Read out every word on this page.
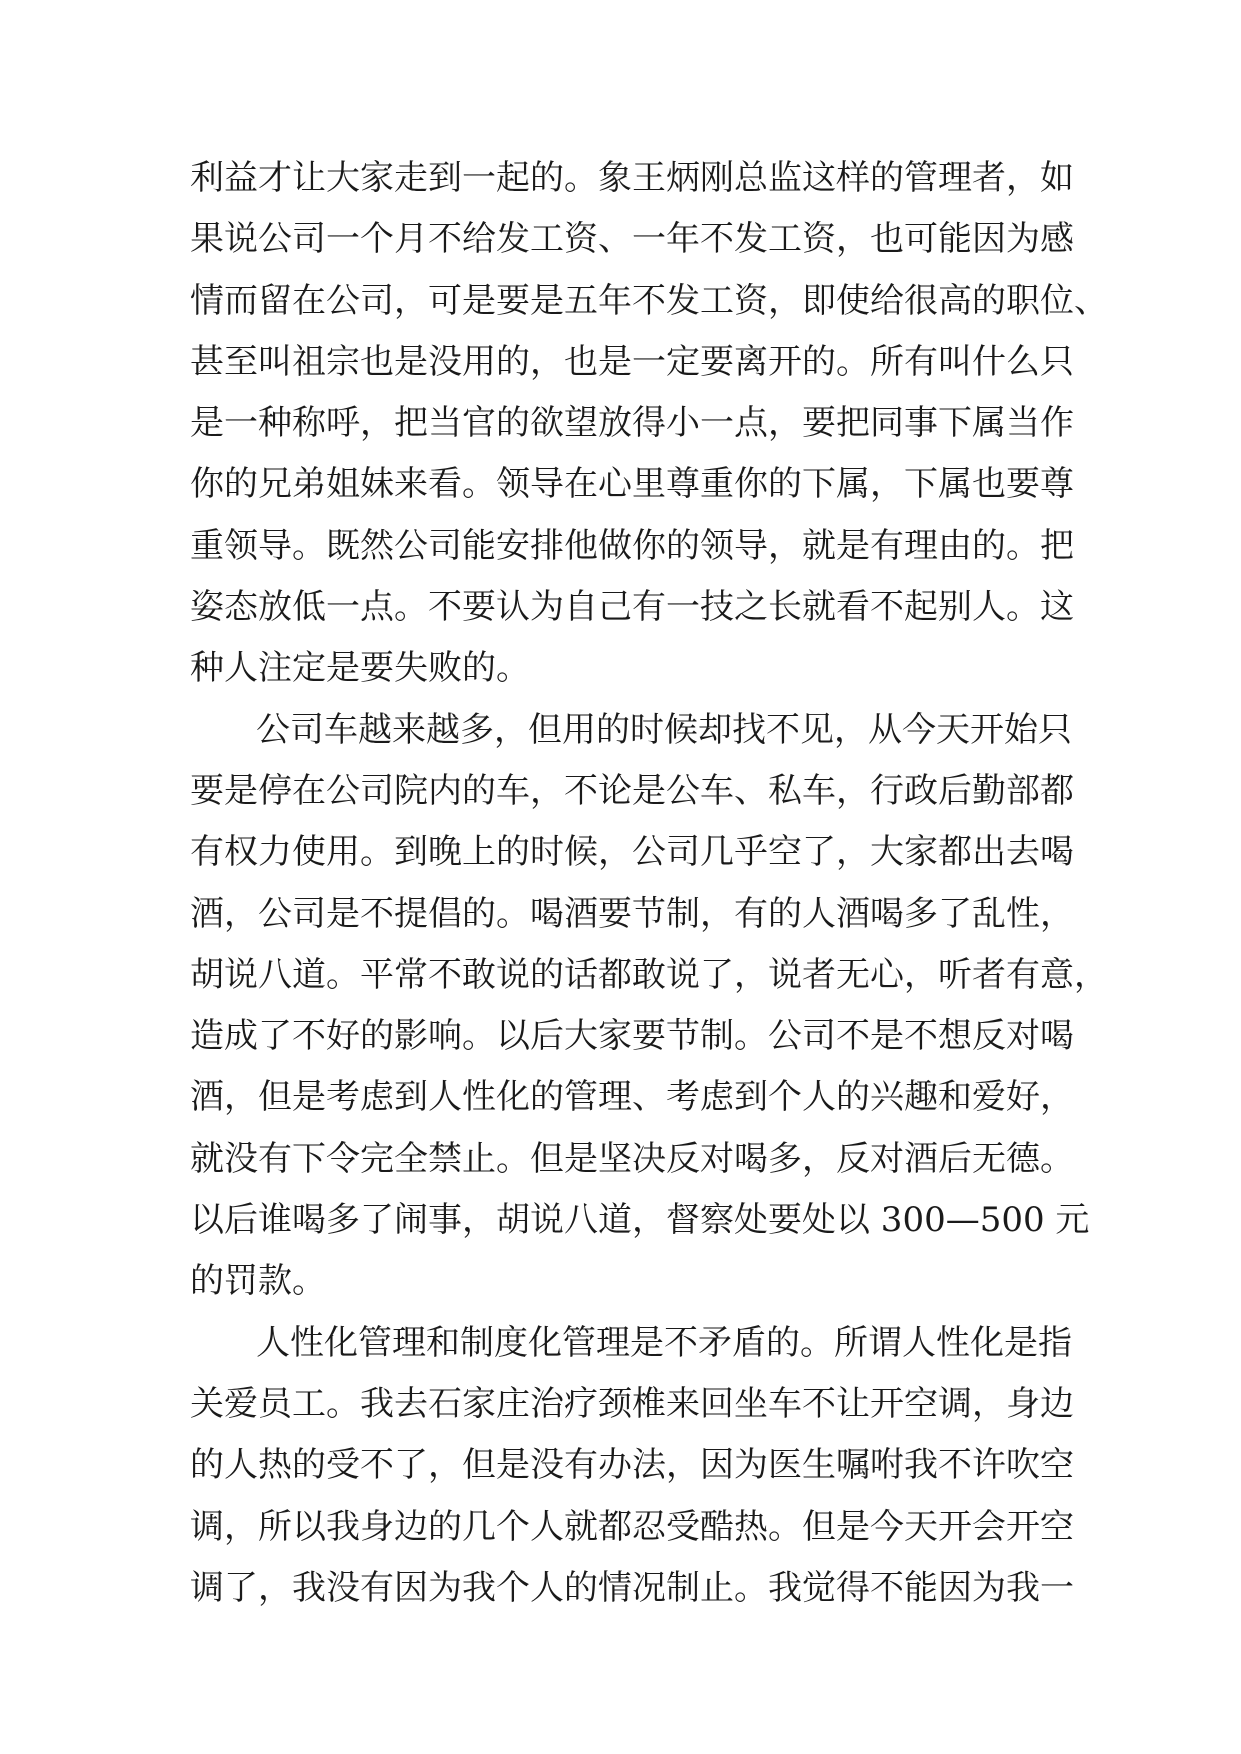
利益才让大家走到一起的。象王炳刚总监这样的管理者，如
果说公司一个月不给发工资、一年不发工资，也可能因为感
情而留在公司，可是要是五年不发工资，即使给很高的职位、
甚至叫祖宗也是没用的，也是一定要离开的。所有叫什么只
是一种称呼，把当官的欲望放得小一点，要把同事下属当作
你的兄弟姐妹来看。领导在心里尊重你的下属，下属也要尊
重领导。既然公司能安排他做你的领导，就是有理由的。把
姿态放低一点。不要认为自己有一技之长就看不起别人。这
种人注定是要失败的。
公司车越来越多，但用的时候却找不见，从今天开始只
要是停在公司院内的车，不论是公车、私车，行政后勤部都
有权力使用。到晚上的时候，公司几乎空了，大家都出去喝
酒，公司是不提倡的。喝酒要节制，有的人酒喝多了乱性，
胡说八道。平常不敢说的话都敢说了，说者无心，听者有意，
造成了不好的影响。以后大家要节制。公司不是不想反对喝
酒，但是考虑到人性化的管理、考虑到个人的兴趣和爱好，
就没有下令完全禁止。但是坚决反对喝多，反对酒后无德。
以后谁喝多了闹事，胡说八道，督察处要处以 300—500 元
的罚款。
人性化管理和制度化管理是不矛盾的。所谓人性化是指
关爱员工。我去石家庄治疗颈椎来回坐车不让开空调，身边
的人热的受不了，但是没有办法，因为医生嘱咐我不许吹空
调，所以我身边的几个人就都忍受酷热。但是今天开会开空
调了，我没有因为我个人的情况制止。我觉得不能因为我一
